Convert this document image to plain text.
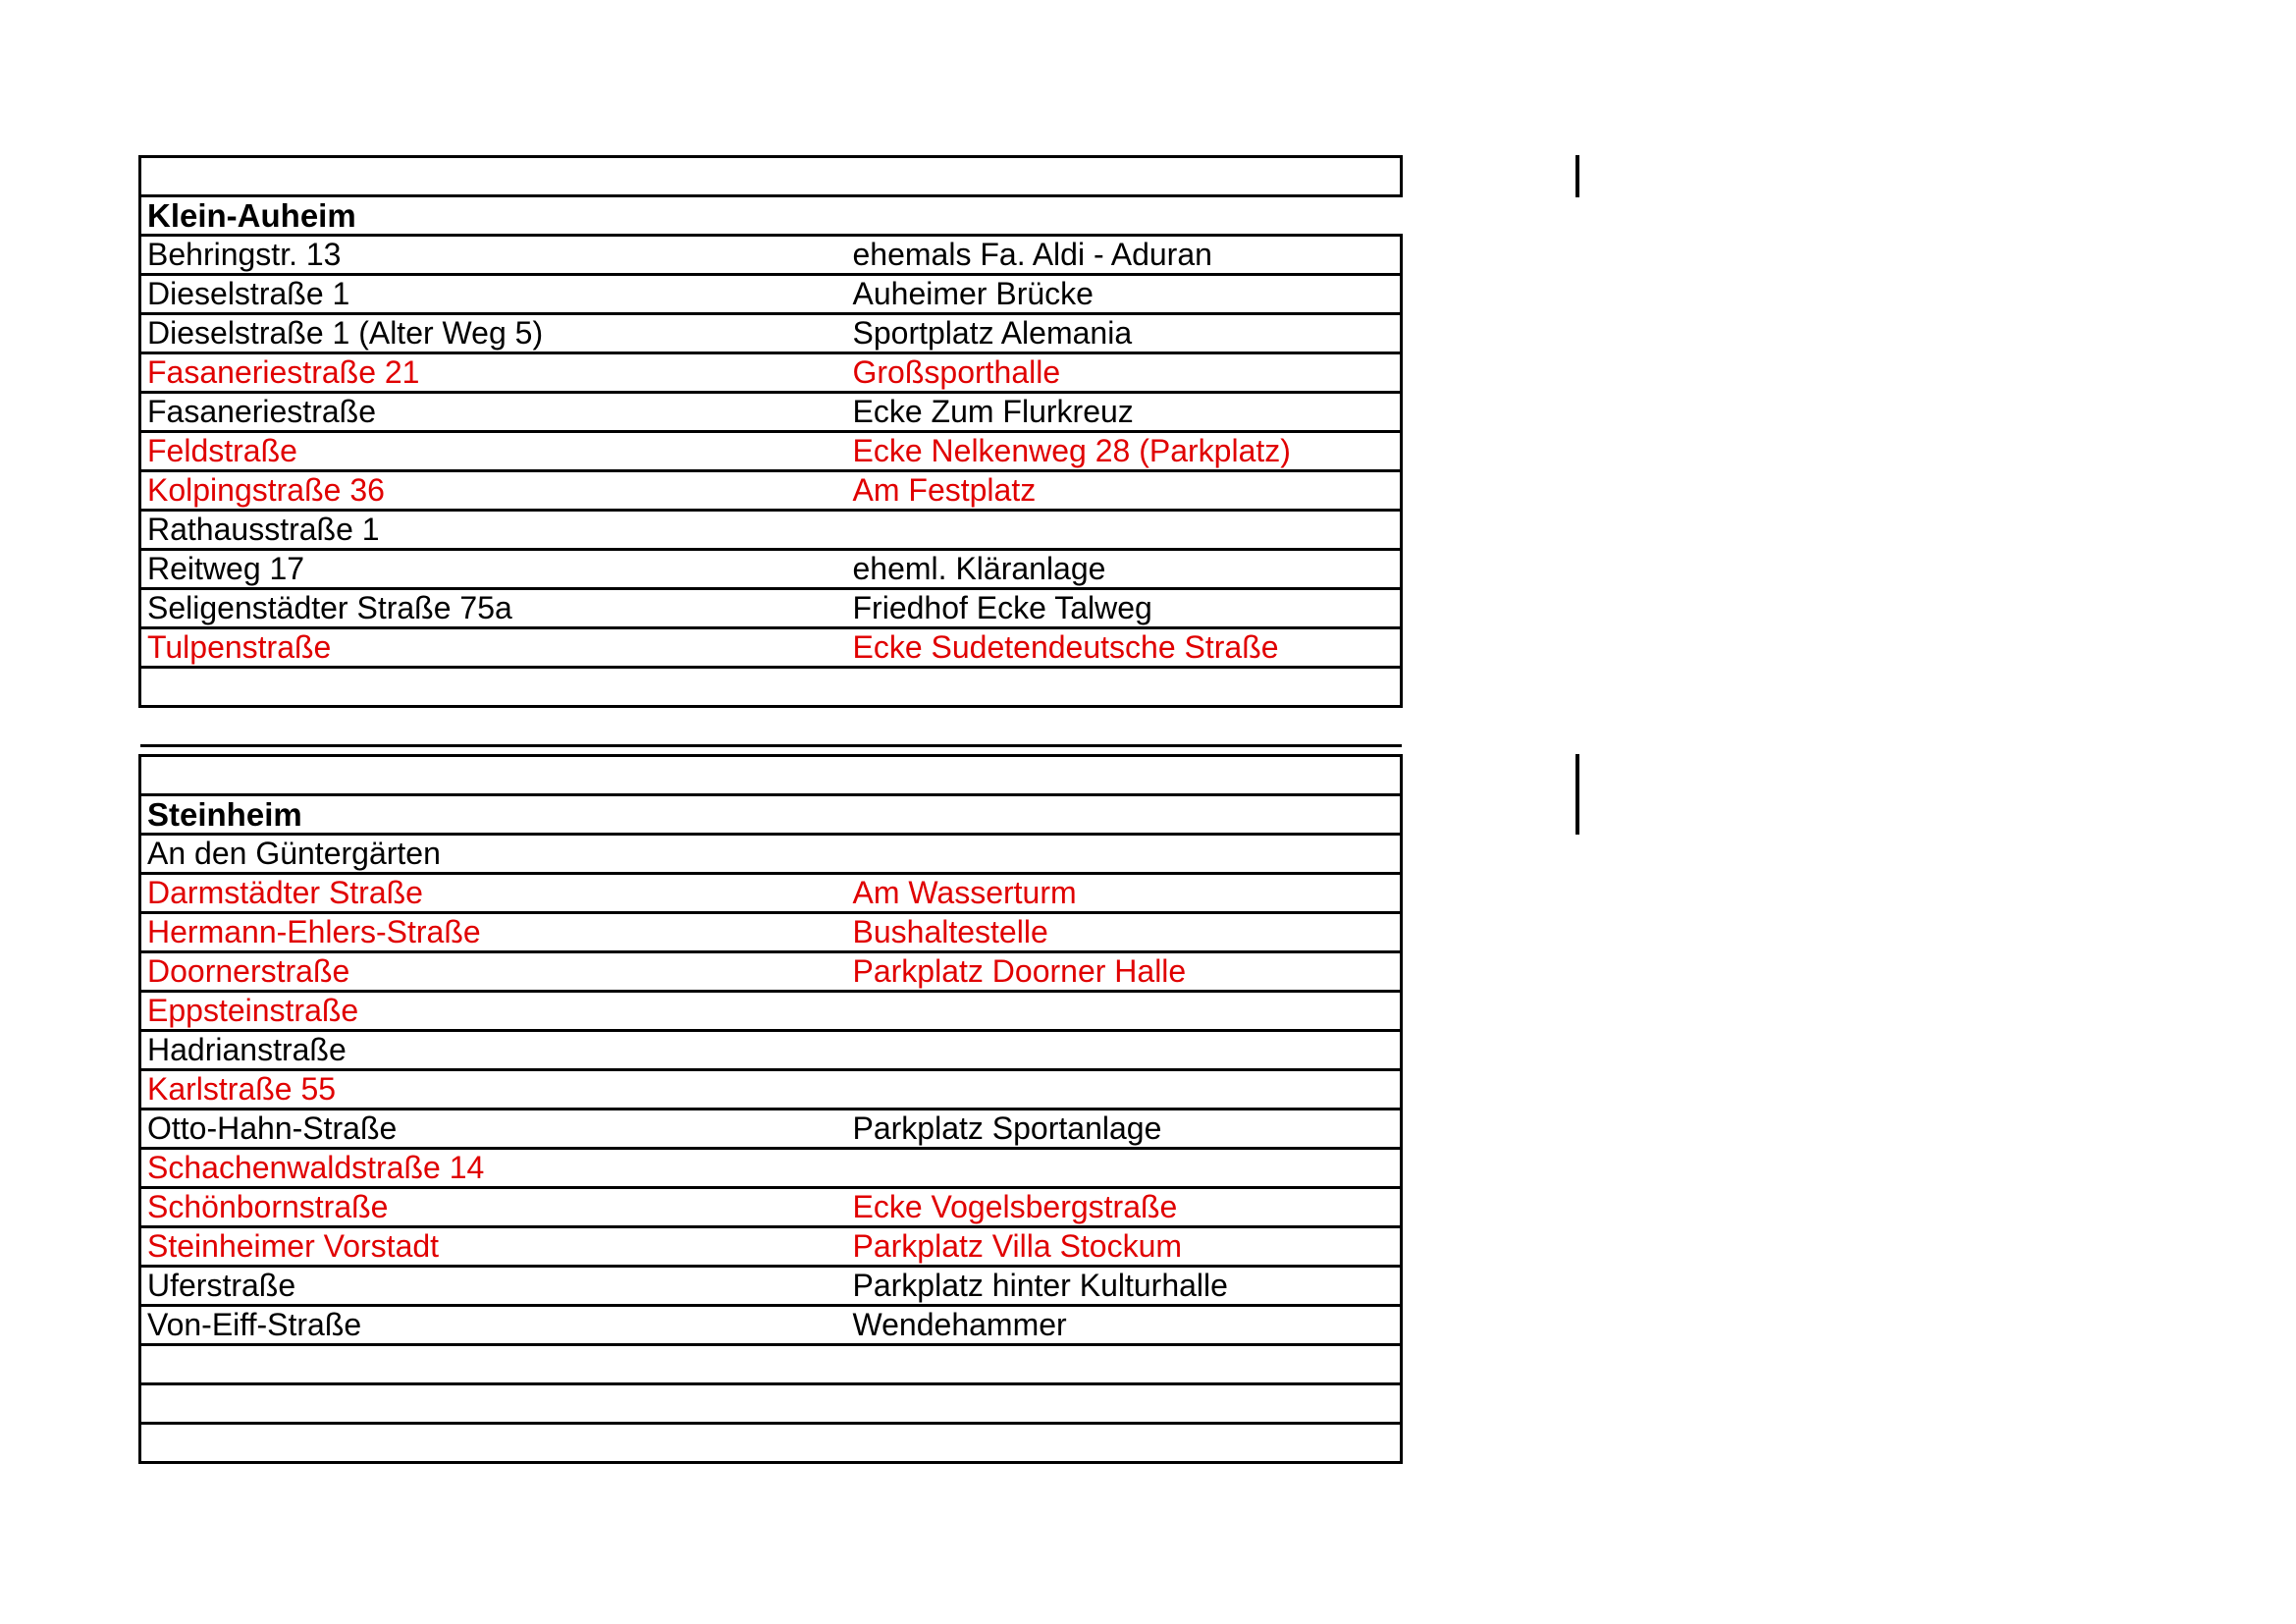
Klein-Auheim	
Behringstr. 13	ehemals Fa. Aldi - Aduran
Dieselstraße 1	Auheimer Brücke
Dieselstraße 1 (Alter Weg 5)	Sportplatz Alemania
Fasaneriestraße 21	Großsporthalle
Fasaneriestraße	Ecke Zum Flurkreuz
Feldstraße	Ecke Nelkenweg 28 (Parkplatz)
Kolpingstraße 36	Am Festplatz
Rathausstraße 1	
Reitweg 17	eheml. Kläranlage
Seligenstädter Straße 75a	Friedhof Ecke Talweg
Tulpenstraße	Ecke Sudetendeutsche Straße

Steinheim	
An den Güntergärten	
Darmstädter Straße	Am Wasserturm
Hermann-Ehlers-Straße	Bushaltestelle
Doornerstraße	Parkplatz Doorner Halle
Eppsteinstraße	
Hadrianstraße	
Karlstraße 55	
Otto-Hahn-Straße	Parkplatz Sportanlage
Schachenwaldstraße 14	
Schönbornstraße	Ecke Vogelsbergstraße
Steinheimer Vorstadt	Parkplatz Villa Stockum
Uferstraße	Parkplatz hinter Kulturhalle
Von-Eiff-Straße	Wendehammer
